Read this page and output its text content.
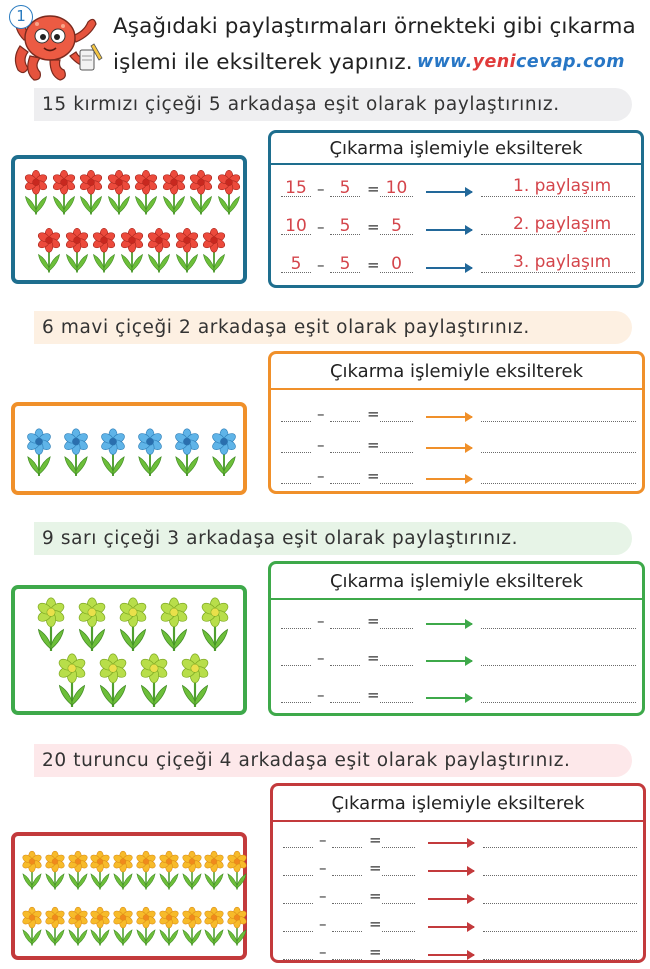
1	Aşağıdaki paylaştırmaları örnekteki gibi çıkarma
işlemi ile eksilterek yapınız. www.yenicevap.com
15 kırmızı çiçeği 5 arkadaşa eşit olarak paylaştırınız.
Çıkarma işlemiyle eksilterek
15 – 5	= 10	1. paylaşım
10 – 5	= 5	2. paylaşım
5	– 5	= 0	3. paylaşım
6 mavi çiçeği 2 arkadaşa eşit olarak paylaştırınız.
Çıkarma işlemiyle eksilterek
–	=
–	=
–	=
9 sarı çiçeği 3 arkadaşa eşit olarak paylaştırınız.
Çıkarma işlemiyle eksilterek
–	=
–	=
–	=
20 turuncu çiçeği 4 arkadaşa eşit olarak paylaştırınız.
Çıkarma işlemiyle eksilterek
–	=
–	=
–	=
–	=
–	=
